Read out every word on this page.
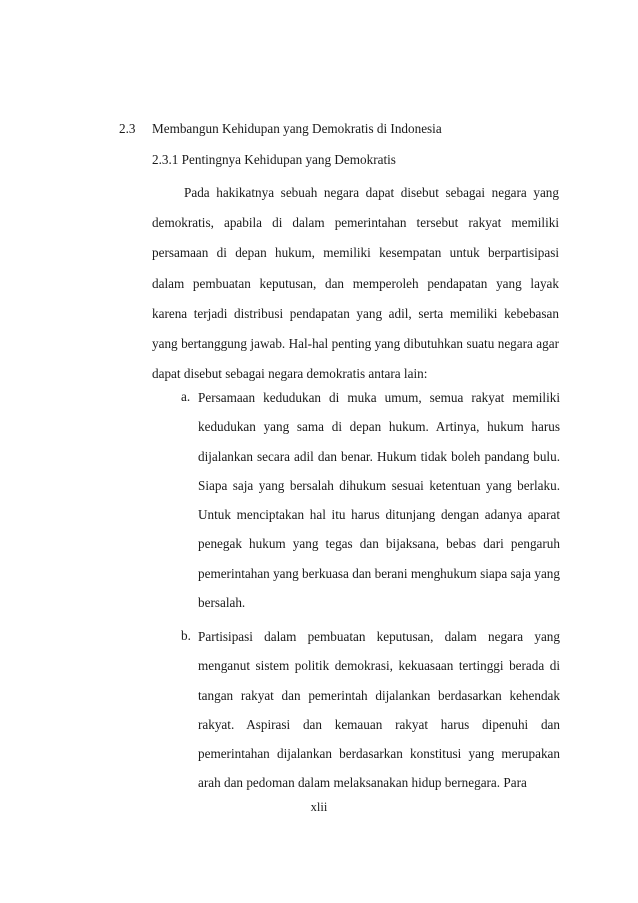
2.3 Membangun Kehidupan yang Demokratis di Indonesia
2.3.1 Pentingnya Kehidupan yang Demokratis

Pada hakikatnya sebuah negara dapat disebut sebagai negara yang demokratis, apabila di dalam pemerintahan tersebut rakyat memiliki persamaan di depan hukum, memiliki kesempatan untuk berpartisipasi dalam pembuatan keputusan, dan memperoleh pendapatan yang layak karena terjadi distribusi pendapatan yang adil, serta memiliki kebebasan yang bertanggung jawab. Hal-hal penting yang dibutuhkan suatu negara agar dapat disebut sebagai negara demokratis antara lain:

a. Persamaan kedudukan di muka umum, semua rakyat memiliki kedudukan yang sama di depan hukum. Artinya, hukum harus dijalankan secara adil dan benar. Hukum tidak boleh pandang bulu. Siapa saja yang bersalah dihukum sesuai ketentuan yang berlaku. Untuk menciptakan hal itu harus ditunjang dengan adanya aparat penegak hukum yang tegas dan bijaksana, bebas dari pengaruh pemerintahan yang berkuasa dan berani menghukum siapa saja yang bersalah.
b. Partisipasi dalam pembuatan keputusan, dalam negara yang menganut sistem politik demokrasi, kekuasaan tertinggi berada di tangan rakyat dan pemerintah dijalankan berdasarkan kehendak rakyat. Aspirasi dan kemauan rakyat harus dipenuhi dan pemerintahan dijalankan berdasarkan konstitusi yang merupakan arah dan pedoman dalam melaksanakan hidup bernegara. Para
xlii
